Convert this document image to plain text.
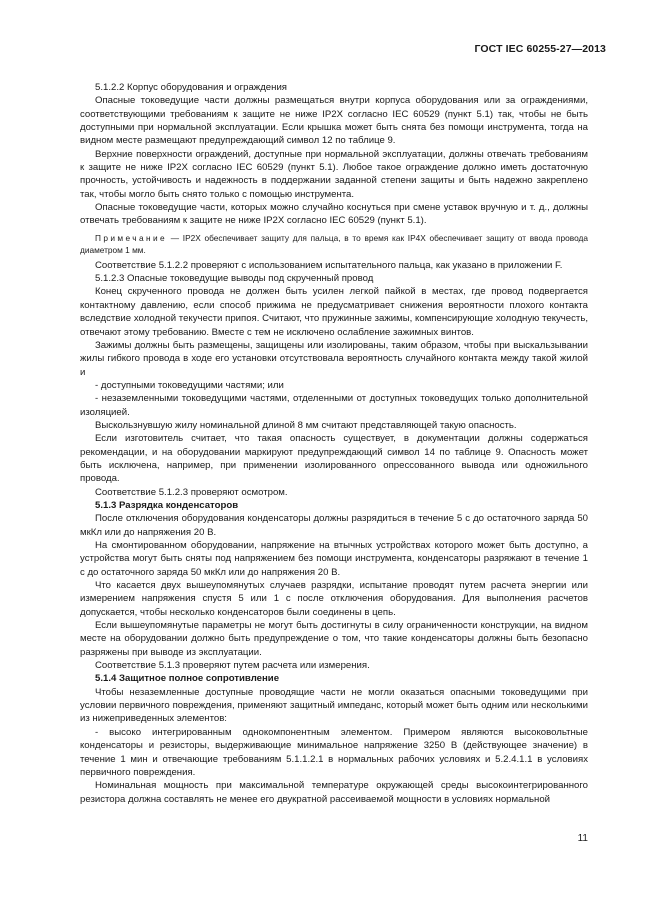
ГОСТ IEC 60255-27—2013

5.1.2.2 Корпус оборудования и ограждения

Опасные токоведущие части должны размещаться внутри корпуса оборудования или за ограждениями, соответствующими требованиям к защите не ниже IP2X согласно IEC 60529 (пункт 5.1) так, чтобы не быть доступными при нормальной эксплуатации. Если крышка может быть снята без помощи инструмента, тогда на видном месте размещают предупреждающий символ 12 по таблице 9.

Верхние поверхности ограждений, доступные при нормальной эксплуатации, должны отвечать требованиям к защите не ниже IP2X согласно IEC 60529 (пункт 5.1). Любое такое ограждение должно иметь достаточную прочность, устойчивость и надежность в поддержании заданной степени защиты и быть надежно закреплено так, чтобы могло быть снято только с помощью инструмента.

Опасные токоведущие части, которых можно случайно коснуться при смене уставок вручную и т. д., должны отвечать требованиям к защите не ниже IP2X согласно IEC 60529 (пункт 5.1).

Примечание — IP2X обеспечивает защиту для пальца, в то время как IP4X обеспечивает защиту от ввода провода диаметром 1 мм.

Соответствие 5.1.2.2 проверяют с использованием испытательного пальца, как указано в приложении F.

5.1.2.3 Опасные токоведущие выводы под скрученный провод

Конец скрученного провода не должен быть усилен легкой пайкой в местах, где провод подвергается контактному давлению, если способ прижима не предусматривает снижения вероятности плохого контакта вследствие холодной текучести припоя. Считают, что пружинные зажимы, компенсирующие холодную текучесть, отвечают этому требованию. Вместе с тем не исключено ослабление зажимных винтов.

Зажимы должны быть размещены, защищены или изолированы, таким образом, чтобы при выскальзывании жилы гибкого провода в ходе его установки отсутствовала вероятность случайного контакта между такой жилой и

- доступными токоведущими частями; или

- незаземленными токоведущими частями, отделенными от доступных токоведущих только дополнительной изоляцией.

Выскользнувшую жилу номинальной длиной 8 мм считают представляющей такую опасность.

Если изготовитель считает, что такая опасность существует, в документации должны содержаться рекомендации, и на оборудовании маркируют предупреждающий символ 14 по таблице 9. Опасность может быть исключена, например, при применении изолированного опрессованного вывода или одножильного провода.

Соответствие 5.1.2.3 проверяют осмотром.

5.1.3 Разрядка конденсаторов

После отключения оборудования конденсаторы должны разрядиться в течение 5 с до остаточного заряда 50 мкКл или до напряжения 20 В.

На смонтированном оборудовании, напряжение на втычных устройствах которого может быть доступно, а устройства могут быть сняты под напряжением без помощи инструмента, конденсаторы разряжают в течение 1 с до остаточного заряда 50 мкКл или до напряжения 20 В.

Что касается двух вышеупомянутых случаев разрядки, испытание проводят путем расчета энергии или измерением напряжения спустя 5 или 1 с после отключения оборудования. Для выполнения расчетов допускается, чтобы несколько конденсаторов были соединены в цепь.

Если вышеупомянутые параметры не могут быть достигнуты в силу ограниченности конструкции, на видном месте на оборудовании должно быть предупреждение о том, что такие конденсаторы должны быть безопасно разряжены при выводе из эксплуатации.

Соответствие 5.1.3 проверяют путем расчета или измерения.

5.1.4 Защитное полное сопротивление

Чтобы незаземленные доступные проводящие части не могли оказаться опасными токоведущими при условии первичного повреждения, применяют защитный импеданс, который может быть одним или несколькими из нижеприведенных элементов:

- высоко интегрированным однокомпонентным элементом. Примером являются высоковольтные конденсаторы и резисторы, выдерживающие минимальное напряжение 3250 В (действующее значение) в течение 1 мин и отвечающие требованиям 5.1.1.2.1 в нормальных рабочих условиях и 5.2.4.1.1 в условиях первичного повреждения.

Номинальная мощность при максимальной температуре окружающей среды высокоинтегрированного резистора должна составлять не менее его двукратной рассеиваемой мощности в условиях нормальной

11
